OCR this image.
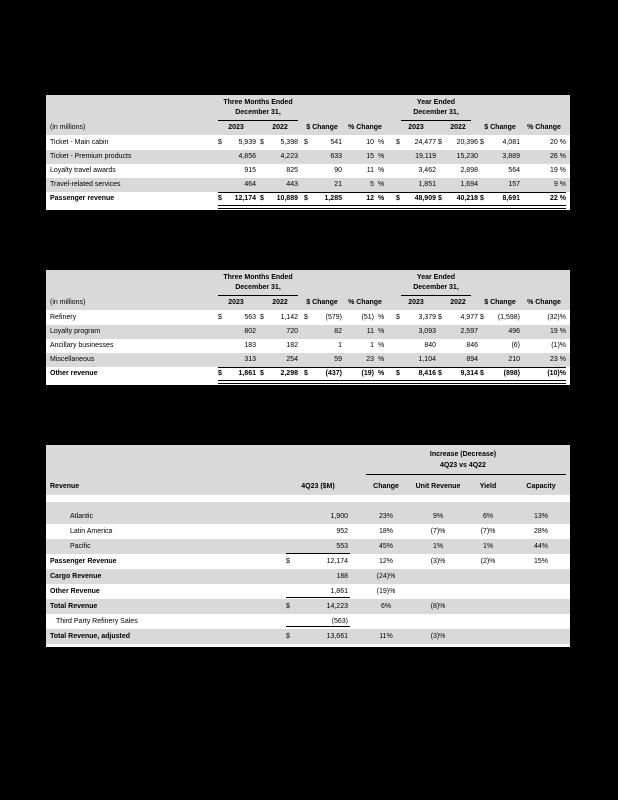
Three Months Ended
December 31,
Year Ended
December 31,
(in millions)	2023	2022	$ Change	% Change	2023	2022	$ Change	% Change
Ticket - Main cabin	$	5,939 $	5,398 $	541	10 % $	24,477 $	20,396 $	4,081	20 %
Ticket - Premium products	4,856	4,223	633	15 %	19,119	15,230	3,889	26 %
Loyalty travel awards	915	825	90	11 %	3,462	2,898	564	19 %
Travel-related services	464	443	21	5 %	1,851	1,694	157	9 %
Passenger revenue	$	12,174 $	10,889 $	1,285	12 % $	48,909 $	40,218 $	8,691	22 %
Three Months Ended
December 31,
Year Ended
December 31,
(in millions)	2023	2022	$ Change	% Change	2023	2022	$ Change	% Change
Refinery	$	563 $	1,142 $	(579)	(51) % $	3,379 $	4,977 $	(1,598)	(32)%
Loyalty program	802	720	82	11 %	3,093	2,597	496	19 %
Ancillary businesses	183	182	1	1 %	840	846	(6)	(1)%
Miscellaneous	313	254	59	23 %	1,104	894	210	23 %
Other revenue	$	1,861 $	2,298 $	(437)	(19) % $	8,416 $	9,314 $	(898)	(10)%
Increase (Decrease)
4Q23 vs 4Q22
Revenue	4Q23 ($M)	Change	Unit Revenue	Yield	Capacity
Atlantic	1,900	23%	9%	6%	13%
Latin America	952	18%	(7)%	(7)%	28%
Pacific	553	45%	1%	1%	44%
Passenger Revenue	$	12,174	12%	(3)%	(2)%	15%
Cargo Revenue	188	(24)%
Other Revenue	1,861	(19)%
Total Revenue	$	14,223	6%	(8)%
Third Party Refinery Sales	(563)
Total Revenue, adjusted	$	13,661	11%	(3)%
